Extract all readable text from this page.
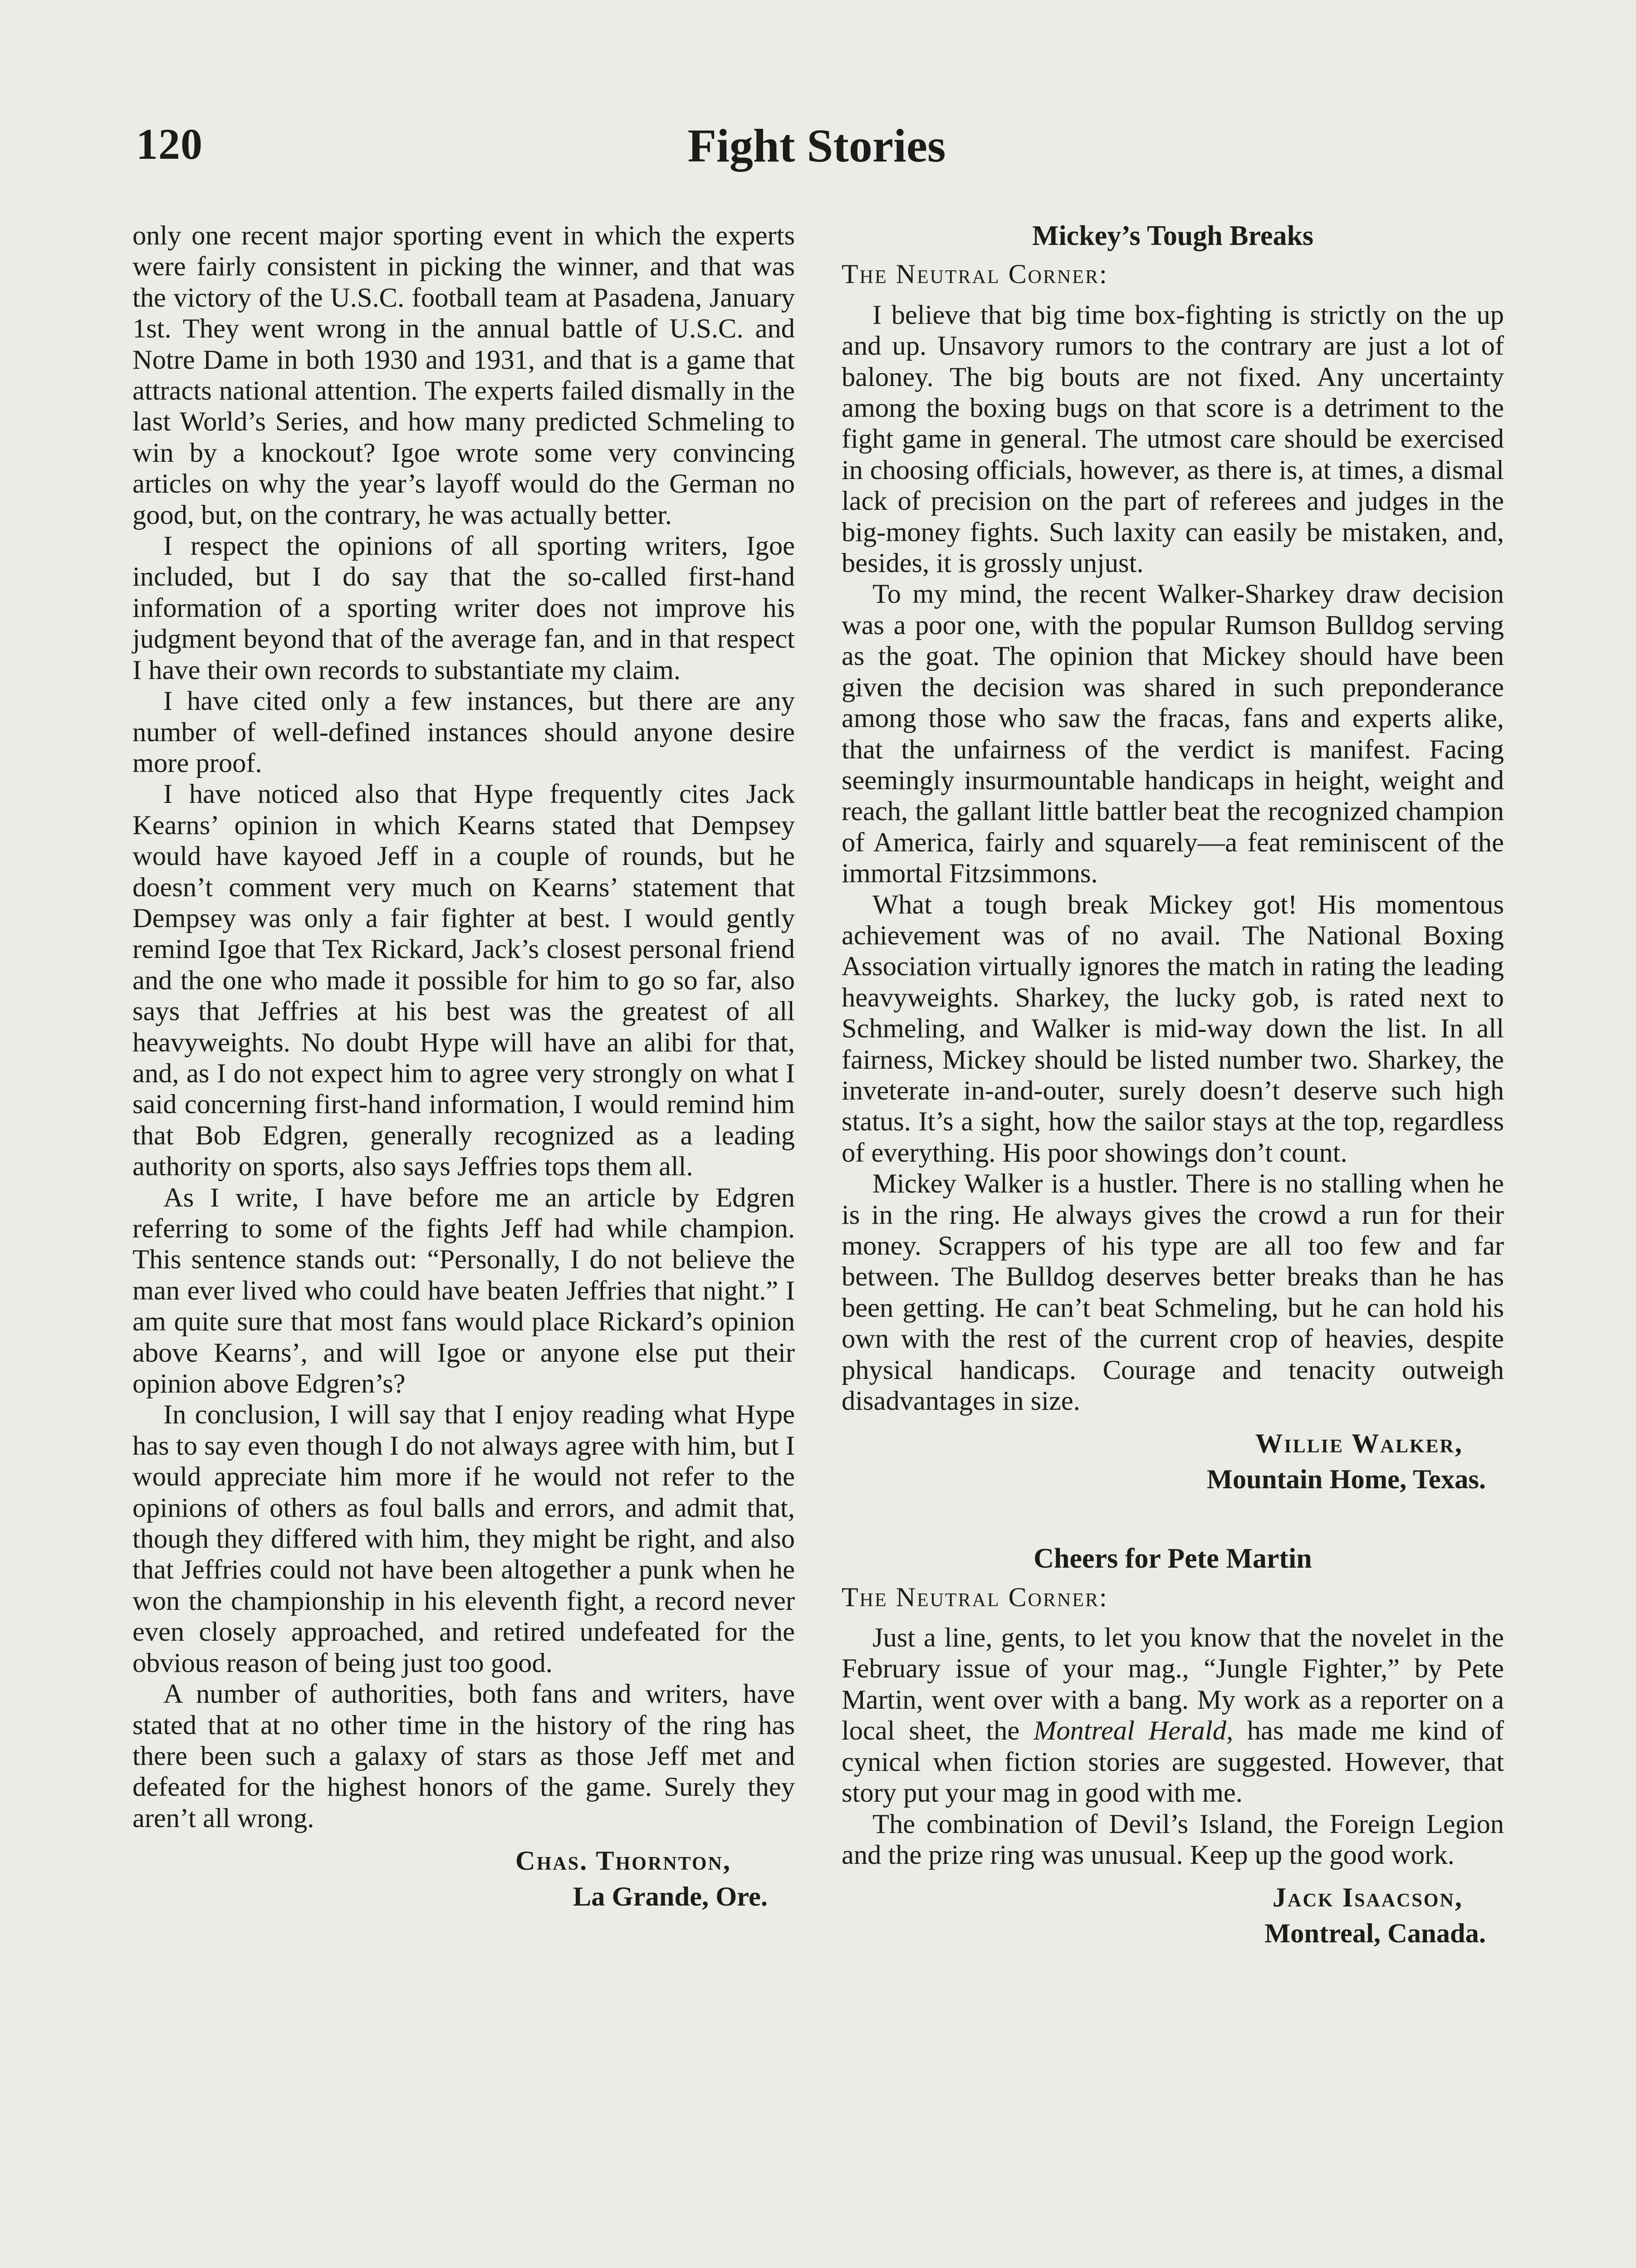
120	Fight Stories

only one recent major sporting event in which the experts were fairly consistent in picking the winner, and that was the victory of the U.S.C. football team at Pasadena, January 1st. They went wrong in the annual battle of U.S.C. and Notre Dame in both 1930 and 1931, and that is a game that attracts national attention. The experts failed dismally in the last World’s Series, and how many predicted Schmeling to win by a knockout? Igoe wrote some very convincing articles on why the year’s layoff would do the German no good, but, on the contrary, he was actually better.

I respect the opinions of all sporting writers, Igoe included, but I do say that the so-called first-hand information of a sporting writer does not improve his judgment beyond that of the average fan, and in that respect I have their own records to substantiate my claim.

I have cited only a few instances, but there are any number of well-defined instances should anyone desire more proof.

I have noticed also that Hype frequently cites Jack Kearns’ opinion in which Kearns stated that Dempsey would have kayoed Jeff in a couple of rounds, but he doesn’t comment very much on Kearns’ statement that Dempsey was only a fair fighter at best. I would gently remind Igoe that Tex Rickard, Jack’s closest personal friend and the one who made it possible for him to go so far, also says that Jeffries at his best was the greatest of all heavyweights. No doubt Hype will have an alibi for that, and, as I do not expect him to agree very strongly on what I said concerning first-hand information, I would remind him that Bob Edgren, generally recognized as a leading authority on sports, also says Jeffries tops them all.

As I write, I have before me an article by Edgren referring to some of the fights Jeff had while champion. This sentence stands out: “Personally, I do not believe the man ever lived who could have beaten Jeffries that night.” I am quite sure that most fans would place Rickard’s opinion above Kearns’, and will Igoe or anyone else put their opinion above Edgren’s?

In conclusion, I will say that I enjoy reading what Hype has to say even though I do not always agree with him, but I would appreciate him more if he would not refer to the opinions of others as foul balls and errors, and admit that, though they differed with him, they might be right, and also that Jeffries could not have been altogether a punk when he won the championship in his eleventh fight, a record never even closely approached, and retired undefeated for the obvious reason of being just too good.

A number of authorities, both fans and writers, have stated that at no other time in the history of the ring has there been such a galaxy of stars as those Jeff met and defeated for the highest honors of the game. Surely they aren’t all wrong.

Chas. Thornton,
La Grande, Ore.
Mickey’s Tough Breaks
The Neutral Corner:

I believe that big time box-fighting is strictly on the up and up. Unsavory rumors to the contrary are just a lot of baloney. The big bouts are not fixed. Any uncertainty among the boxing bugs on that score is a detriment to the fight game in general. The utmost care should be exercised in choosing officials, however, as there is, at times, a dismal lack of precision on the part of referees and judges in the big-money fights. Such laxity can easily be mistaken, and, besides, it is grossly unjust.

To my mind, the recent Walker-Sharkey draw decision was a poor one, with the popular Rumson Bulldog serving as the goat. The opinion that Mickey should have been given the decision was shared in such preponderance among those who saw the fracas, fans and experts alike, that the unfairness of the verdict is manifest. Facing seemingly insurmountable handicaps in height, weight and reach, the gallant little battler beat the recognized champion of America, fairly and squarely—a feat reminiscent of the immortal Fitzsimmons.

What a tough break Mickey got! His momentous achievement was of no avail. The National Boxing Association virtually ignores the match in rating the leading heavyweights. Sharkey, the lucky gob, is rated next to Schmeling, and Walker is mid-way down the list. In all fairness, Mickey should be listed number two. Sharkey, the inveterate in-and-outer, surely doesn’t deserve such high status. It’s a sight, how the sailor stays at the top, regardless of everything. His poor showings don’t count.

Mickey Walker is a hustler. There is no stalling when he is in the ring. He always gives the crowd a run for their money. Scrappers of his type are all too few and far between. The Bulldog deserves better breaks than he has been getting. He can’t beat Schmeling, but he can hold his own with the rest of the current crop of heavies, despite physical handicaps. Courage and tenacity outweigh disadvantages in size.

Willie Walker,
Mountain Home, Texas.
Cheers for Pete Martin
The Neutral Corner:

Just a line, gents, to let you know that the novelet in the February issue of your mag., “Jungle Fighter,” by Pete Martin, went over with a bang. My work as a reporter on a local sheet, the Montreal Herald, has made me kind of cynical when fiction stories are suggested. However, that story put your mag in good with me.

The combination of Devil’s Island, the Foreign Legion and the prize ring was unusual. Keep up the good work.

Jack Isaacson,
Montreal, Canada.
